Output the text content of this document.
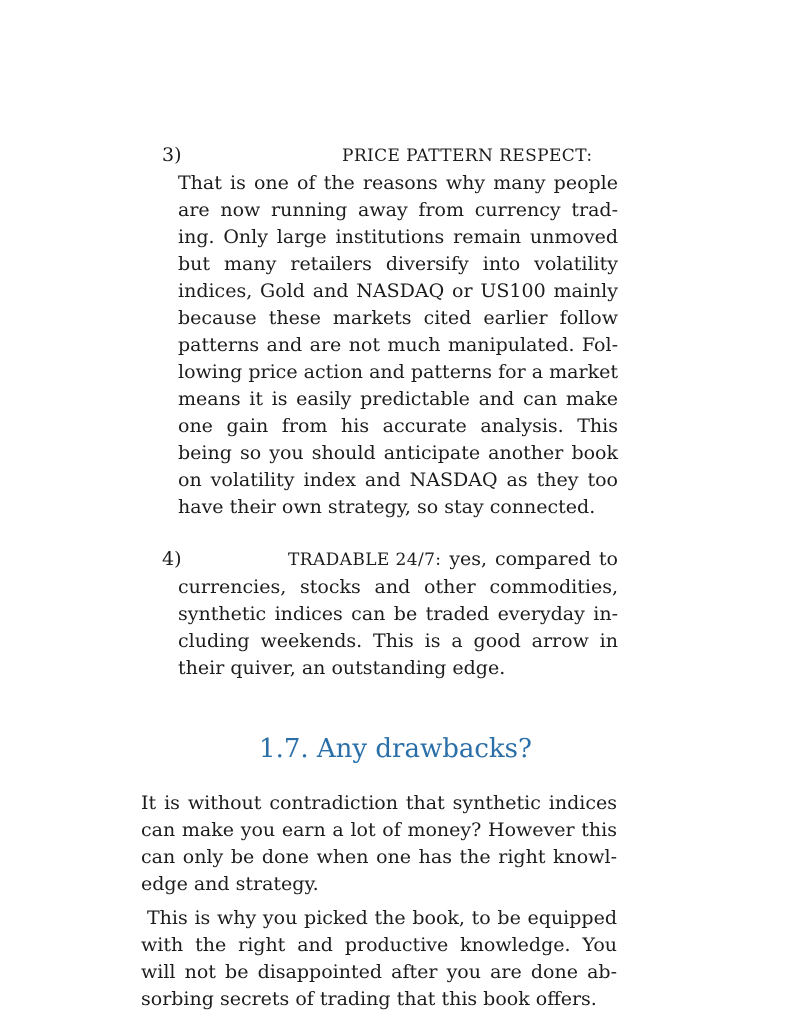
3)	PRICE PATTERN RESPECT:
That is one of the reasons why many people are now running away from currency trading. Only large institutions remain unmoved but many retailers diversify into volatility indices, Gold and NASDAQ or US100 mainly because these markets cited earlier follow patterns and are not much manipulated. Following price action and patterns for a market means it is easily predictable and can make one gain from his accurate analysis. This being so you should anticipate another book on volatility index and NASDAQ as they too have their own strategy, so stay connected.
4)	TRADABLE 24/7: yes, compared to currencies, stocks and other commodities, synthetic indices can be traded everyday including weekends. This is a good arrow in their quiver, an outstanding edge.
1.7. Any drawbacks?

It is without contradiction that synthetic indices can make you earn a lot of money? However this can only be done when one has the right knowledge and strategy.

This is why you picked the book, to be equipped with the right and productive knowledge. You will not be disappointed after you are done absorbing secrets of trading that this book offers.
